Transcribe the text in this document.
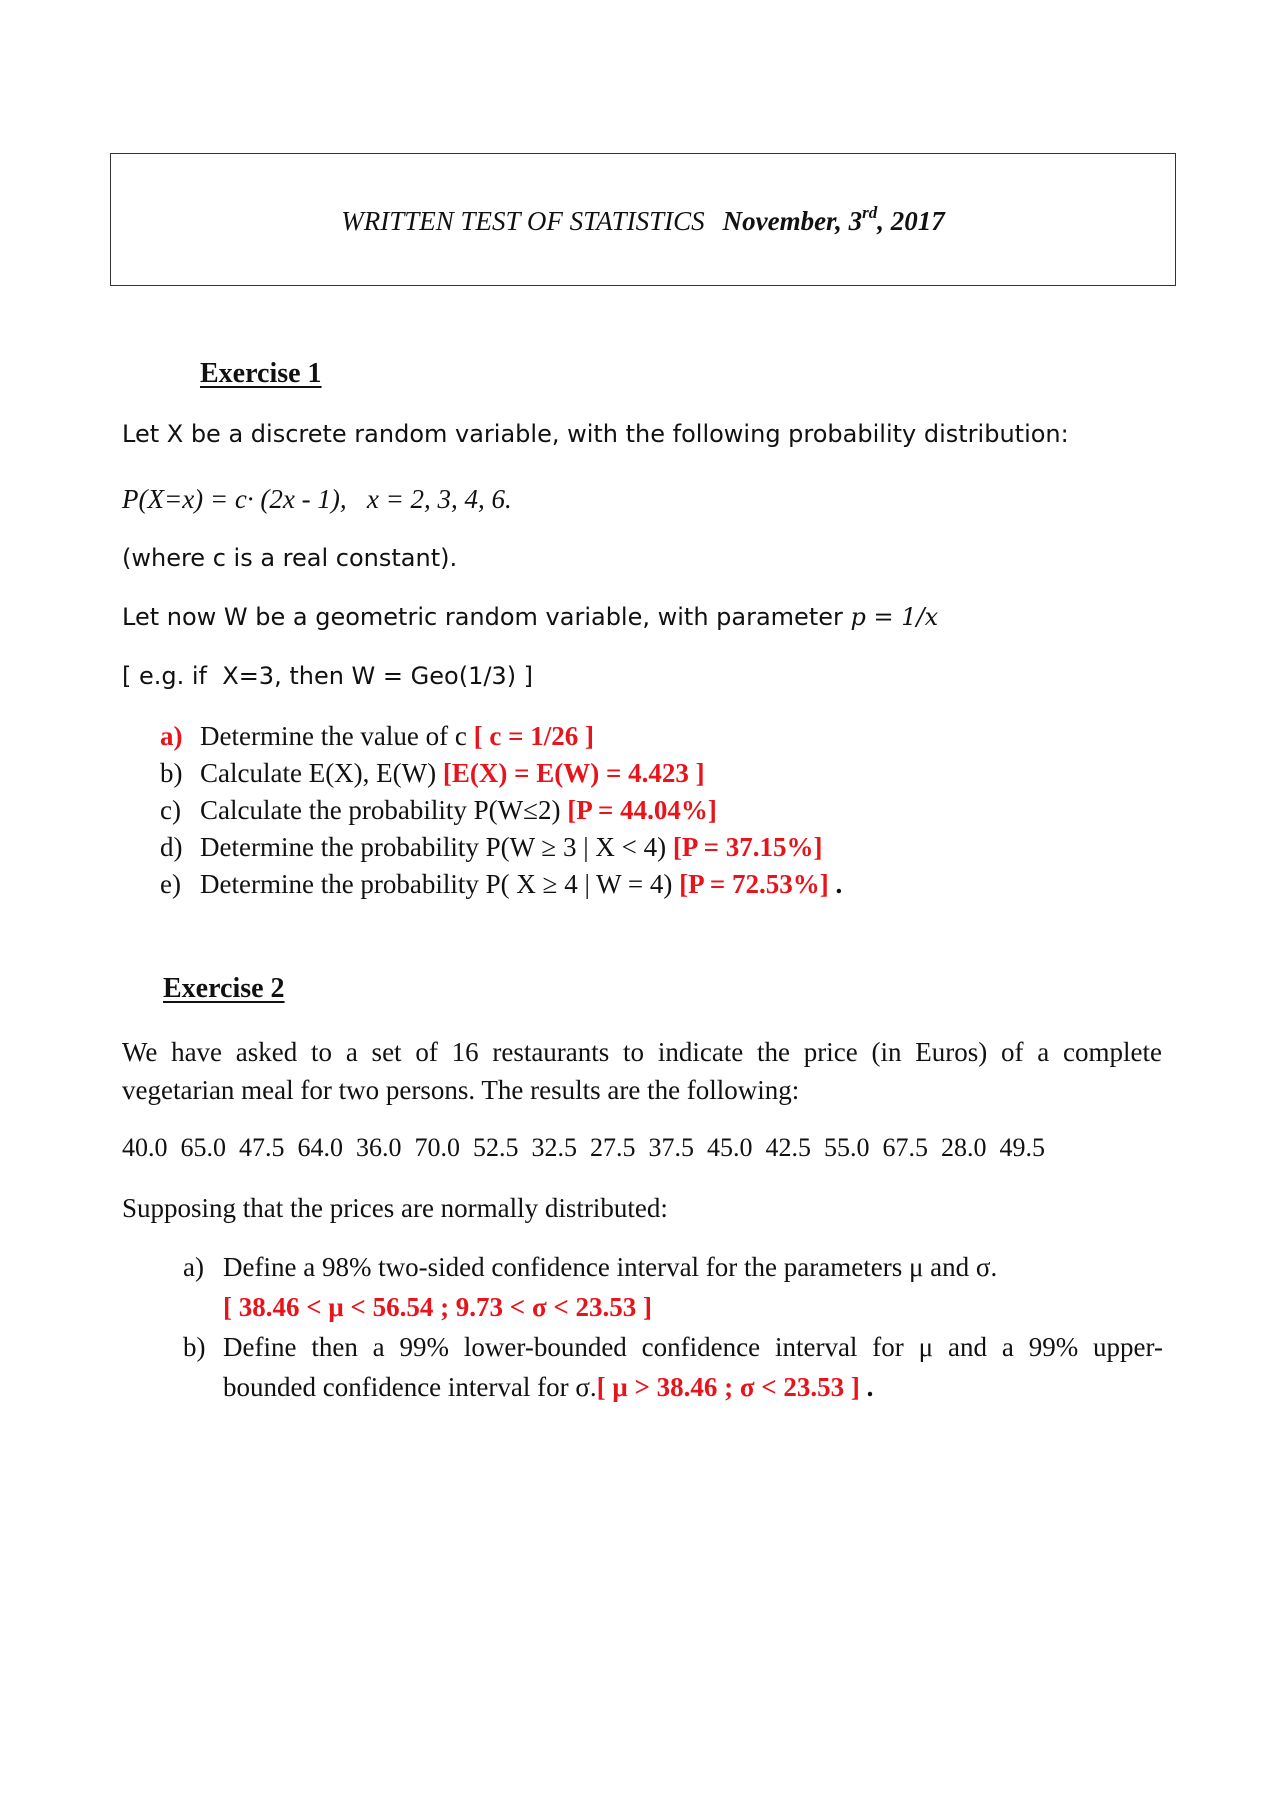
WRITTEN TEST OF STATISTICS November, 3rd, 2017
Exercise 1
Let X be a discrete random variable, with the following probability distribution:
P(X=x) = c· (2x - 1),   x = 2, 3, 4, 6.
(where c is a real constant).
Let now W be a geometric random variable, with parameter p = 1/x
[ e.g. if  X=3, then W = Geo(1/3) ]
a) Determine the value of c [ c = 1/26 ]
b) Calculate E(X), E(W) [E(X) = E(W) = 4.423 ]
c) Calculate the probability P(W≤2) [P = 44.04%]
d) Determine the probability P(W ≥ 3 | X < 4) [P = 37.15%]
e) Determine the probability P( X ≥ 4 | W = 4) [P = 72.53%] .
Exercise 2
We have asked to a set of 16 restaurants to indicate the price (in Euros) of a complete
vegetarian meal for two persons. The results are the following:
40.0  65.0  47.5  64.0  36.0  70.0  52.5  32.5  27.5  37.5  45.0  42.5  55.0  67.5  28.0  49.5
Supposing that the prices are normally distributed:
a) Define a 98% two-sided confidence interval for the parameters μ and σ.
[ 38.46 < μ < 56.54 ; 9.73 < σ < 23.53 ]
b) Define then a 99% lower-bounded confidence interval for μ and a 99% upper-
bounded confidence interval for σ.[ μ > 38.46 ; σ < 23.53 ] .
